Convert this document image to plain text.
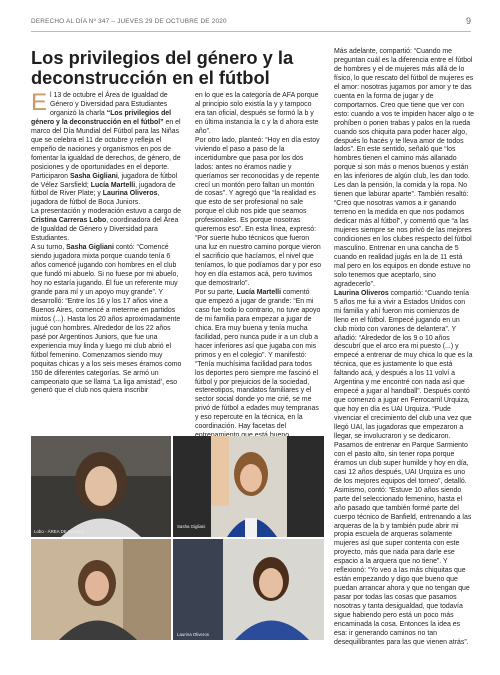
DERECHO AL DÍA Nº 347 – JUEVES 29 DE OCTUBRE DE 2020	9
Los privilegios del género y la deconstrucción en el fútbol

El 13 de octubre el Área de Igualdad de Género y Diversidad para Estudiantes organizó la charla “Los privilegios del género y la deconstrucción en el fútbol” en el marco del Día Mundial del Fútbol para las Niñas que se celebra el 11 de octubre y refleja el empeño de naciones y organismos en pos de fomentar la igualdad de derechos, de género, de posiciones y de oportunidades en el deporte.

Participaron Sasha Gigliani, jugadora de fútbol de Vélez Sarsfield; Lucía Martelli, jugadora de fútbol de River Plate; y Laurina Oliveros, jugadora de fútbol de Boca Juniors.

La presentación y moderación estuvo a cargo de Cristina Carreras Lobo, coordinadora del Área de Igualdad de Género y Diversidad para Estudiantes.

A su turno, Sasha Gigliani contó: “Comencé siendo jugadora mixta porque cuando tenía 6 años comencé jugando con hombres en el club que fundó mi abuelo. Si no fuese por mi abuelo, hoy no estaría jugando. Él fue un referente muy grande para mí y un apoyo muy grande”. Y desarrolló: “Entre los 16 y los 17 años vine a Buenos Aires, comencé a meterme en partidos mixtos (...). Hasta los 20 años aproximadamente jugué con hombres. Alrededor de los 22 años pasé por Argentinos Juniors, que fue una experiencia muy linda y luego mi club abrió el fútbol femenino. Comenzamos siendo muy poquitas chicas y a los seis meses éramos como 150 de diferentes categorías. Se armó un campeonato que se llama ‘La liga amistad’, eso generó que el club nos quiera inscribir

en lo que es la categoría de AFA porque al principio solo existía la y y tampoco era tan oficial, después se formó la b y en última instancia la c y la d ahora este año”.

Por otro lado, planteó: “Hoy en día estoy viviendo el paso a paso de la incertidumbre que pasa por los dos lados: antes no éramos nadie y queríamos ser reconocidas y de repente crecí un montón pero faltan un montón de cosas”. Y agregó que “la realidad es que esto de ser profesional no sale porque el club nos pide que seamos profesionales. Es porque nosotras queremos eso”. En esta línea, expresó: “Por suerte hubo técnicos que fueron una luz en nuestro camino porque vieron el sacrificio que hacíamos, el nivel que teníamos, lo que podíamos dar y por eso hoy en día estamos acá, pero tuvimos que demostrarlo”.

Por su parte, Lucía Martelli comentó que empezó a jugar de grande: “En mi caso fue todo lo contrario, no tuve apoyo de mi familia para empezar a jugar de chica. Era muy buena y tenía mucha facilidad, pero nunca pude ir a un club a hacer inferiores así que jugaba con mis primos y en el colegio”. Y manifestó: “Tenía muchísima facilidad para todos los deportes pero siempre me fascinó el fútbol y por prejuicios de la sociedad, estereotipos, mandatos familiares y el sector social donde yo me crié, se me privó de fútbol a edades muy tempranas y eso repercute en la técnica, en la coordinación. Hay facetas del

Más adelante, compartió: “Cuando me preguntan cuál es la diferencia entre el fútbol de hombres y el de mujeres más allá de lo físico, lo que rescato del fútbol de mujeres es el amor: nosotras jugamos por amor y te das cuenta en la forma de jugar y de comportarnos. Creo que tiene que ver con esto: cuando a vos te impiden hacer algo o te prohíben o ponen trabas y palos en la rueda cuando sos chiquita para poder hacer algo, después lo hacés y te lleva amor de todos lados”. En este sentido, señaló que “los hombres tienen el camino más allanado porque si son más o menos buenos y están en las inferiores de algún club, les dan todo. Les dan la pensión, la comida y la ropa. No tienen que laburar aparte”. También resaltó: “Creo que nosotras vamos a ir ganando terreno en la medida en que nos podamos dedicar más al fútbol”, y comentó que “a las mujeres siempre se nos privó de las mejores condiciones en los clubes respecto del fútbol masculino. Entrenar en una cancha de 5 cuando en realidad jugás en la de 11 está mal pero en los equipos en donde estuve no solo tenemos que aceptarlo, sino agradecerlo”.

Laurina Oliveros compartió: “Cuando tenía 5 años me fui a vivir a Estados Unidos con mi familia y ahí fueron mis comienzos de lleno en el fútbol. Empecé jugando en un club mixto con varones de delantera”. Y añadió: “Alrededor de los 9 o 10 años descubrí que el arco era mi puesto (...) y empecé a entrenar de muy chica lo que es la técnica, que es justamente lo que está faltando acá, y después a los 11 volví a Argentina y me encontré con nada así que empecé a jugar al handball”. Después contó que comenzó a jugar en Ferrocarril Urquiza, que hoy en día es UAI Urquiza. “Pude vivenciar el crecimiento del club una vez que llegó UAI, las jugadoras que empezaron a llegar, se involucraron y se dedicaron. Pasamos de entrenar en Parque Sarmiento con el pasto alto, sin tener ropa porque éramos un club super humilde y hoy en día, casi 12 años después, UAI Urquiza es uno de los mejores equipos del torneo”, detalló.

Asimismo, contó: “Estuve 10 años siendo parte del seleccionado femenino, hasta el año pasado que también formé parte del cuerpo técnico de Banfield, entrenando a las arqueras de la b y también pude abrir mi propia escuela de arqueras solamente mujeres así que super contenta con este proyecto, más que nada para darle ese espacio a la arquera que no tiene”. Y reflexionó: “Yo veo a las más chiquitas que están empezando y digo que bueno que puedan arrancar ahora y que no tengan que pasar por todas las cosas que pasamos nosotras y tanta desigualdad, que todavía sigue habiendo pero está un poco más encaminada la cosa. Entonces la idea es esa: ir generando caminos no tan desequilibrantes para las que vienen atrás”.

Lobo - ÁREA DE IGUALD...
Sasha Gigliani
Laurina Oliveros
